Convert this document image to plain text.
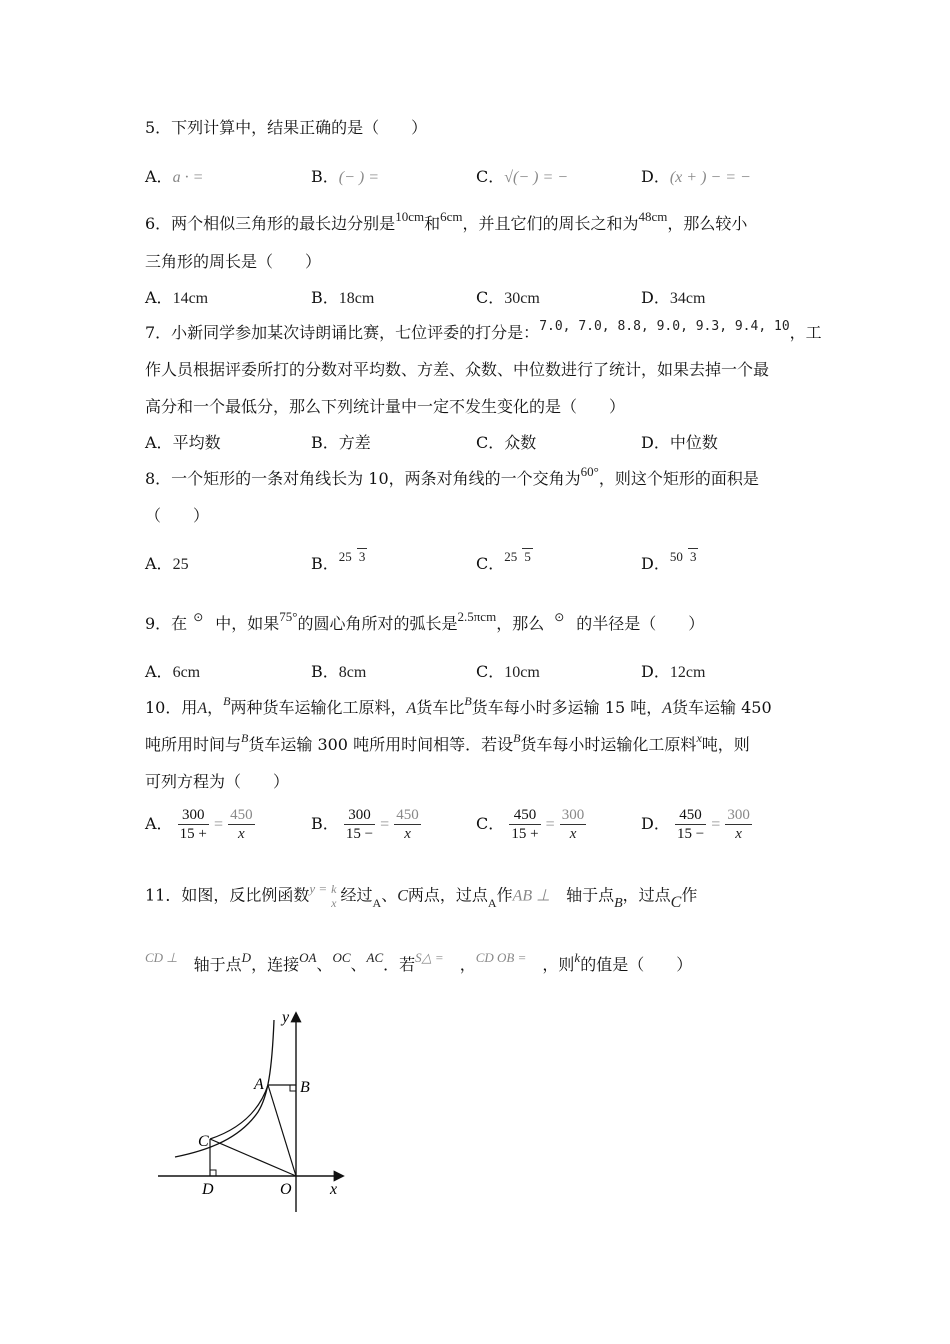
5．下列计算中，结果正确的是（　　）
A．a · =	B．(− ) =	C．√(− ) = −	D．(x + ) − = −
6．两个相似三角形的最长边分别是$^{10cm}$和$^{6cm}$，并且它们的周长之和为$^{48cm}$，那么较小
三角形的周长是（　　）
A．14cm	B．18cm	C．30cm	D．34cm
7．小新同学参加某次诗朗诵比赛，七位评委的打分是：$^{7.0, 7.0, 8.8, 9.0, 9.3, 9.4, 10}$，工
作人员根据评委所打的分数对平均数、方差、众数、中位数进行了统计，如果去掉一个最
高分和一个最低分，那么下列统计量中一定不发生变化的是（　　）
A．平均数	B．方差	C．众数	D．中位数
8．一个矩形的一条对角线长为 10，两条对角线的一个交角为$^{60^\circ}$，则这个矩形的面积是
（　　）
A．25	B．$^{25}$ $^3$	C．$^{25}$ $^5$	D．$^{50}$ $^3$
9．在 ⊙ 中，如果$^{75^\circ}$的圆心角所对的弧长是$^{2.5\pi cm}$，那么 ⊙ 的半径是（　　）
A．6cm	B．8cm	C．10cm	D．12cm
10．用A，$^B$两种货车运输化工原料，A货车比$^B$货车每小时多运输 15 吨，A货车运输 450
吨所用时间与$^B$货车运输 300 吨所用时间相等．若设$^B$货车每小时运输化工原料$^x$吨，则
可列方程为（　　）
A． $\frac{300}{15 +} = \frac{450}{x}$	B． $\frac{300}{15 -} = \frac{450}{x}$	C． $\frac{450}{15 +} = \frac{300}{x}$	D． $\frac{450}{15 -} = \frac{300}{x}$
11．如图，反比例函数$^{y =}$ k
x 经过$_A$、C两点，过点$_A$作AB ⊥　 轴于点B，过点C作
$^{CD \perp}$　 轴于点$^D$，连接$^{OA}$、$^{OC}$、$^{AC}$．若$^{S\triangle =}$　 ，$^{CD OB =}$　 ，则$^k$的值是（　　）
y
x
A B
C
D	O
